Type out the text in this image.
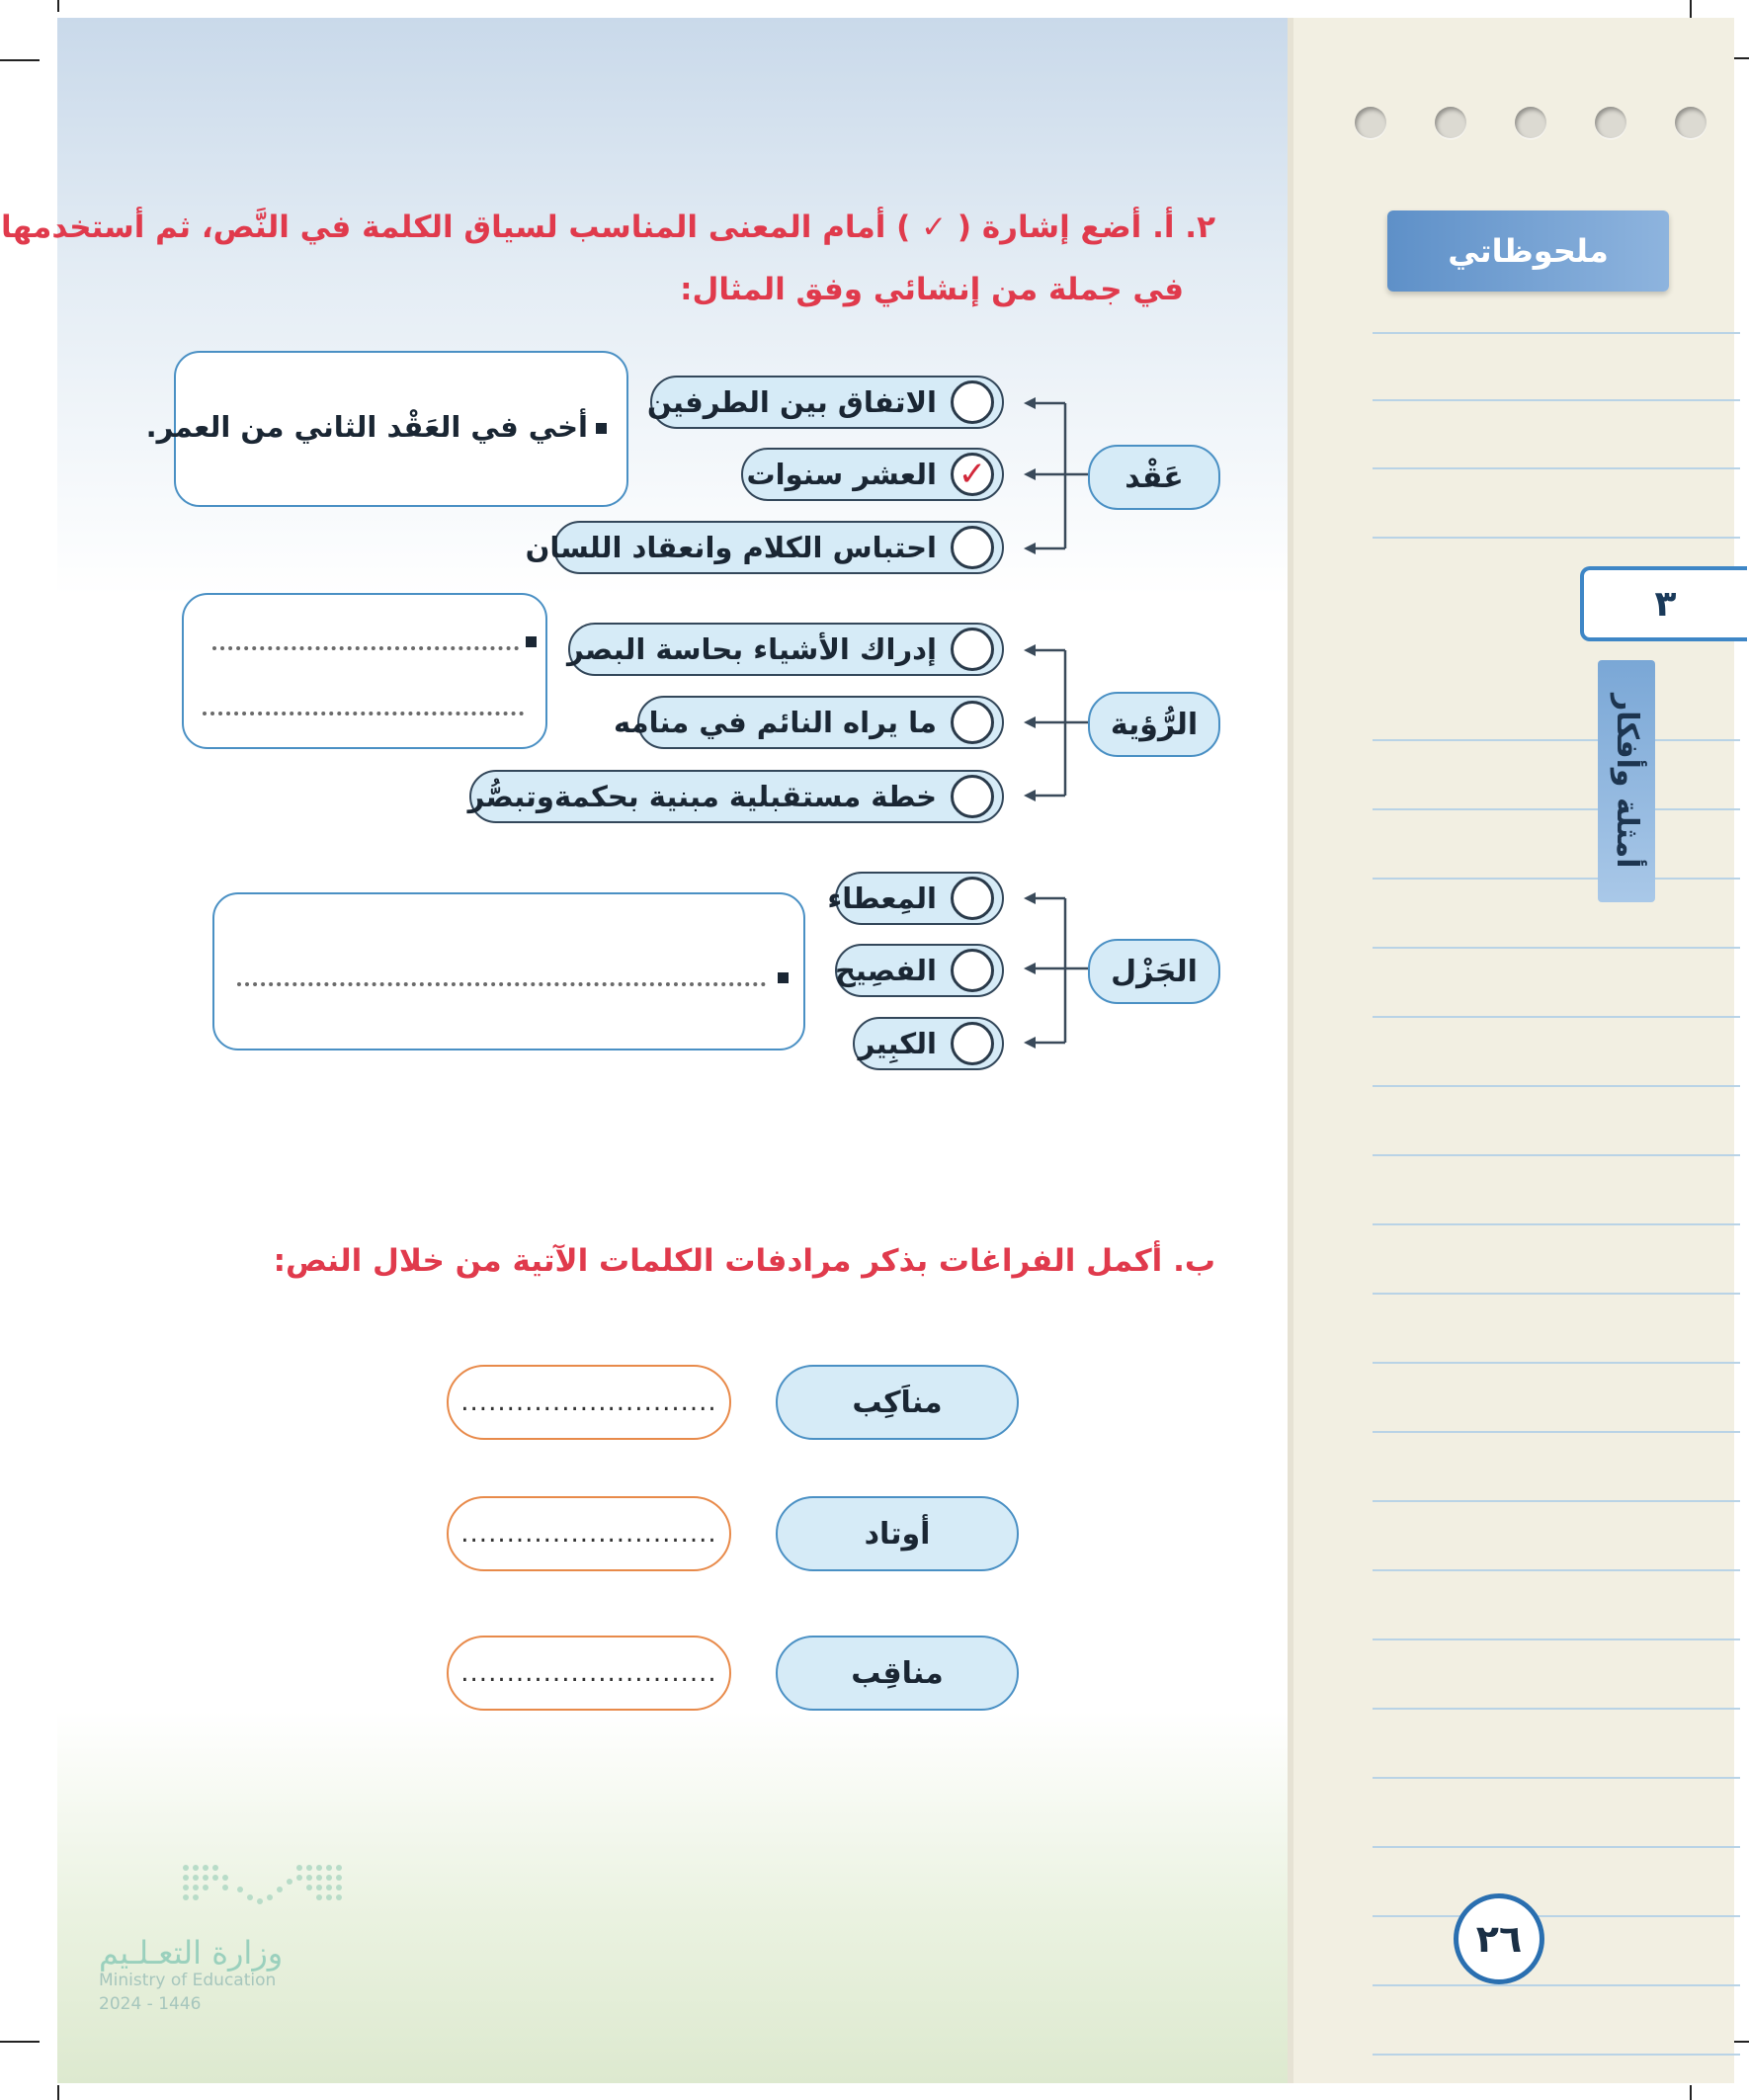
ملحوظاتي
٣
أمثلة وأفكار
٢٦
٢. أ. أضع إشارة ( ✓ ) أمام المعنى المناسب لسياق الكلمة في النَّص، ثم أستخدمها
في جملة من إنشائي وفق المثال:
عَقْد
الاتفاق بين الطرفين
✓
العشر سنوات
احتباس الكلام وانعقاد اللسان
أخي في العَقْد الثاني من العمر.
الرُّؤية
إدراك الأشياء بحاسة البصر
ما يراه النائم في منامه
خطة مستقبلية مبنية بحكمةوتبصُّر
الجَزْل
المِعطاء
الفصِيح
الكبِير
ب. أكمل الفراغات بذكر مرادفات الكلمات الآتية من خلال النص:
مناَكِب
............................
أوتاد
............................
مناقِب
............................
وزارة التعـلـيم
Ministry of Education
2024 - 1446
